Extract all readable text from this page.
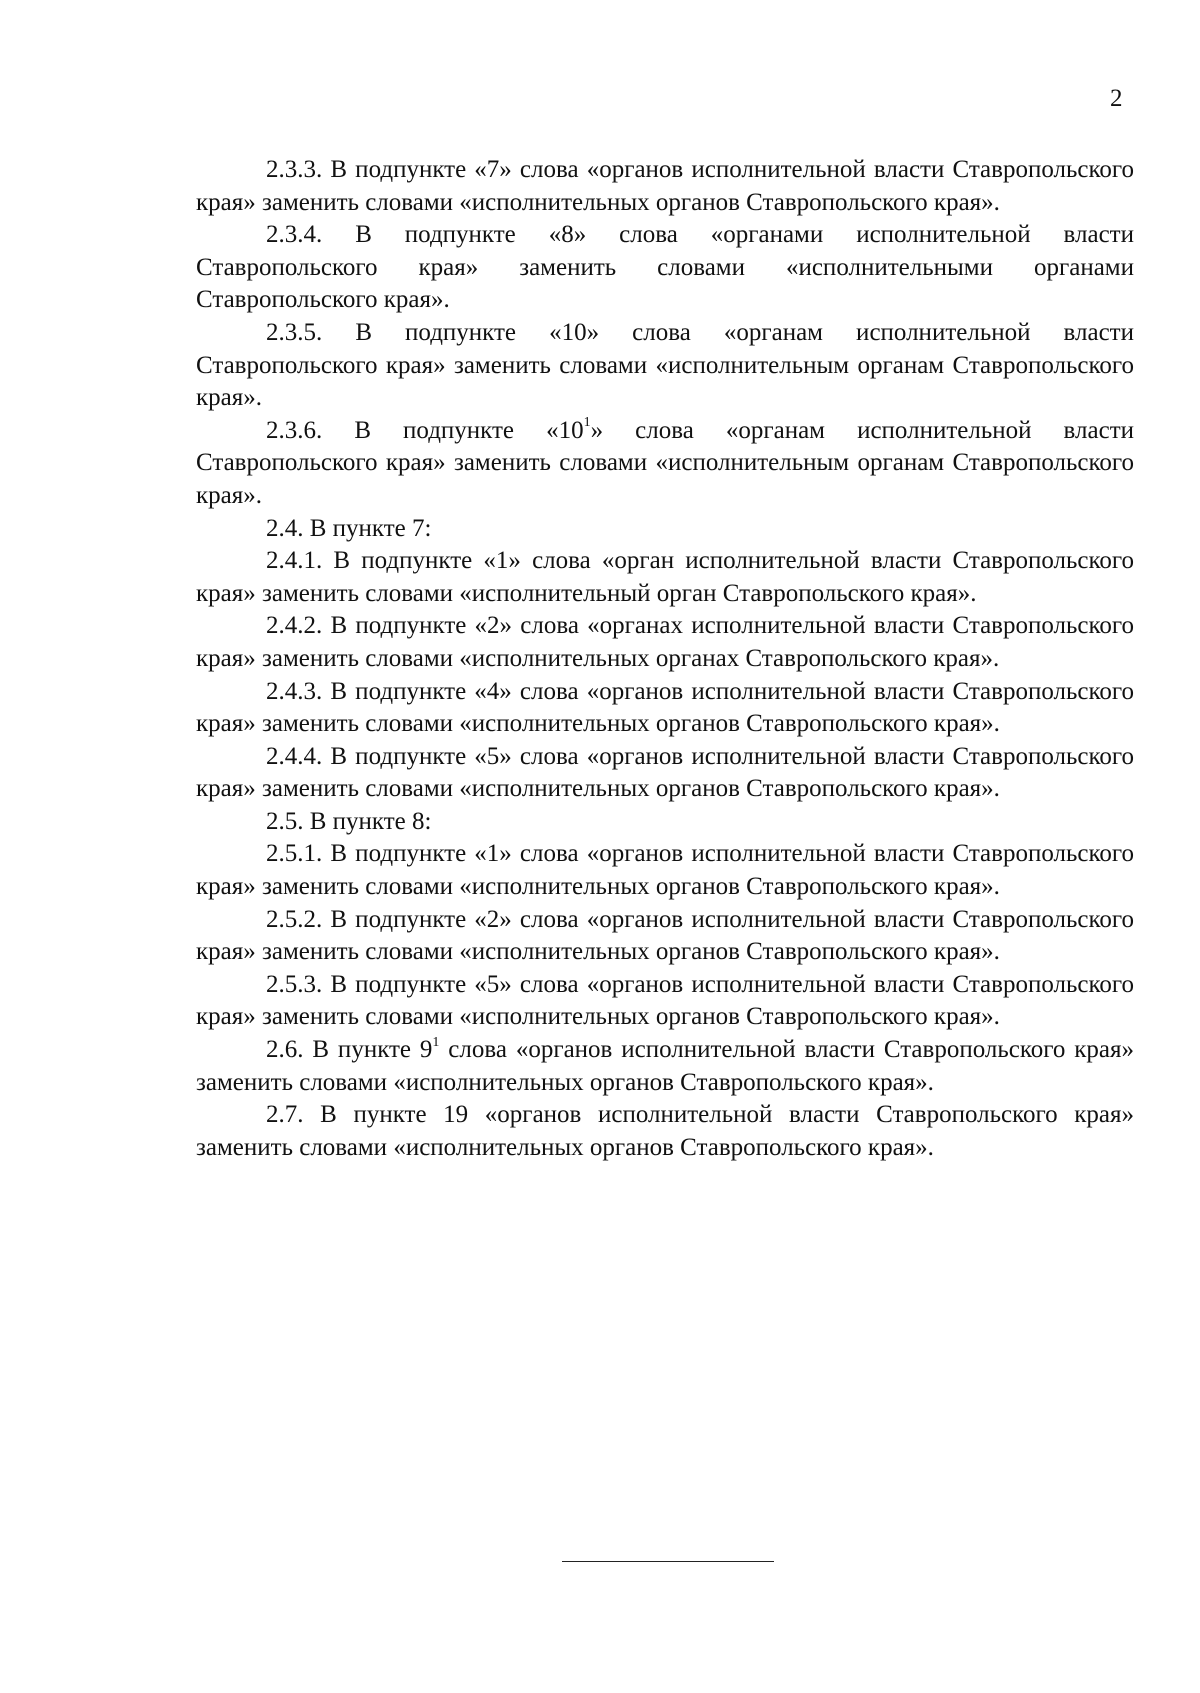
2

2.3.3. В подпункте «7» слова «органов исполнительной власти Ставропольского края» заменить словами «исполнительных органов Ставропольского края».

2.3.4. В подпункте «8» слова «органами исполнительной власти Ставропольского края» заменить словами «исполнительными органами Ставропольского края».

2.3.5. В подпункте «10» слова «органам исполнительной власти Ставропольского края» заменить словами «исполнительным органам Ставропольского края».

2.3.6. В подпункте «$10^1$» слова «органам исполнительной власти Ставропольского края» заменить словами «исполнительным органам Ставропольского края».

2.4. В пункте 7:

2.4.1. В подпункте «1» слова «орган исполнительной власти Ставропольского края» заменить словами «исполнительный орган Ставропольского края».

2.4.2. В подпункте «2» слова «органах исполнительной власти Ставропольского края» заменить словами «исполнительных органах Ставропольского края».

2.4.3. В подпункте «4» слова «органов исполнительной власти Ставропольского края» заменить словами «исполнительных органов Ставропольского края».

2.4.4. В подпункте «5» слова «органов исполнительной власти Ставропольского края» заменить словами «исполнительных органов Ставропольского края».

2.5. В пункте 8:

2.5.1. В подпункте «1» слова «органов исполнительной власти Ставропольского края» заменить словами «исполнительных органов Ставропольского края».

2.5.2. В подпункте «2» слова «органов исполнительной власти Ставропольского края» заменить словами «исполнительных органов Ставропольского края».

2.5.3. В подпункте «5» слова «органов исполнительной власти Ставропольского края» заменить словами «исполнительных органов Ставропольского края».

2.6. В пункте $9^1$ слова «органов исполнительной власти Ставропольского края» заменить словами «исполнительных органов Ставропольского края».

2.7. В пункте 19 «органов исполнительной власти Ставропольского края» заменить словами «исполнительных органов Ставропольского края».
